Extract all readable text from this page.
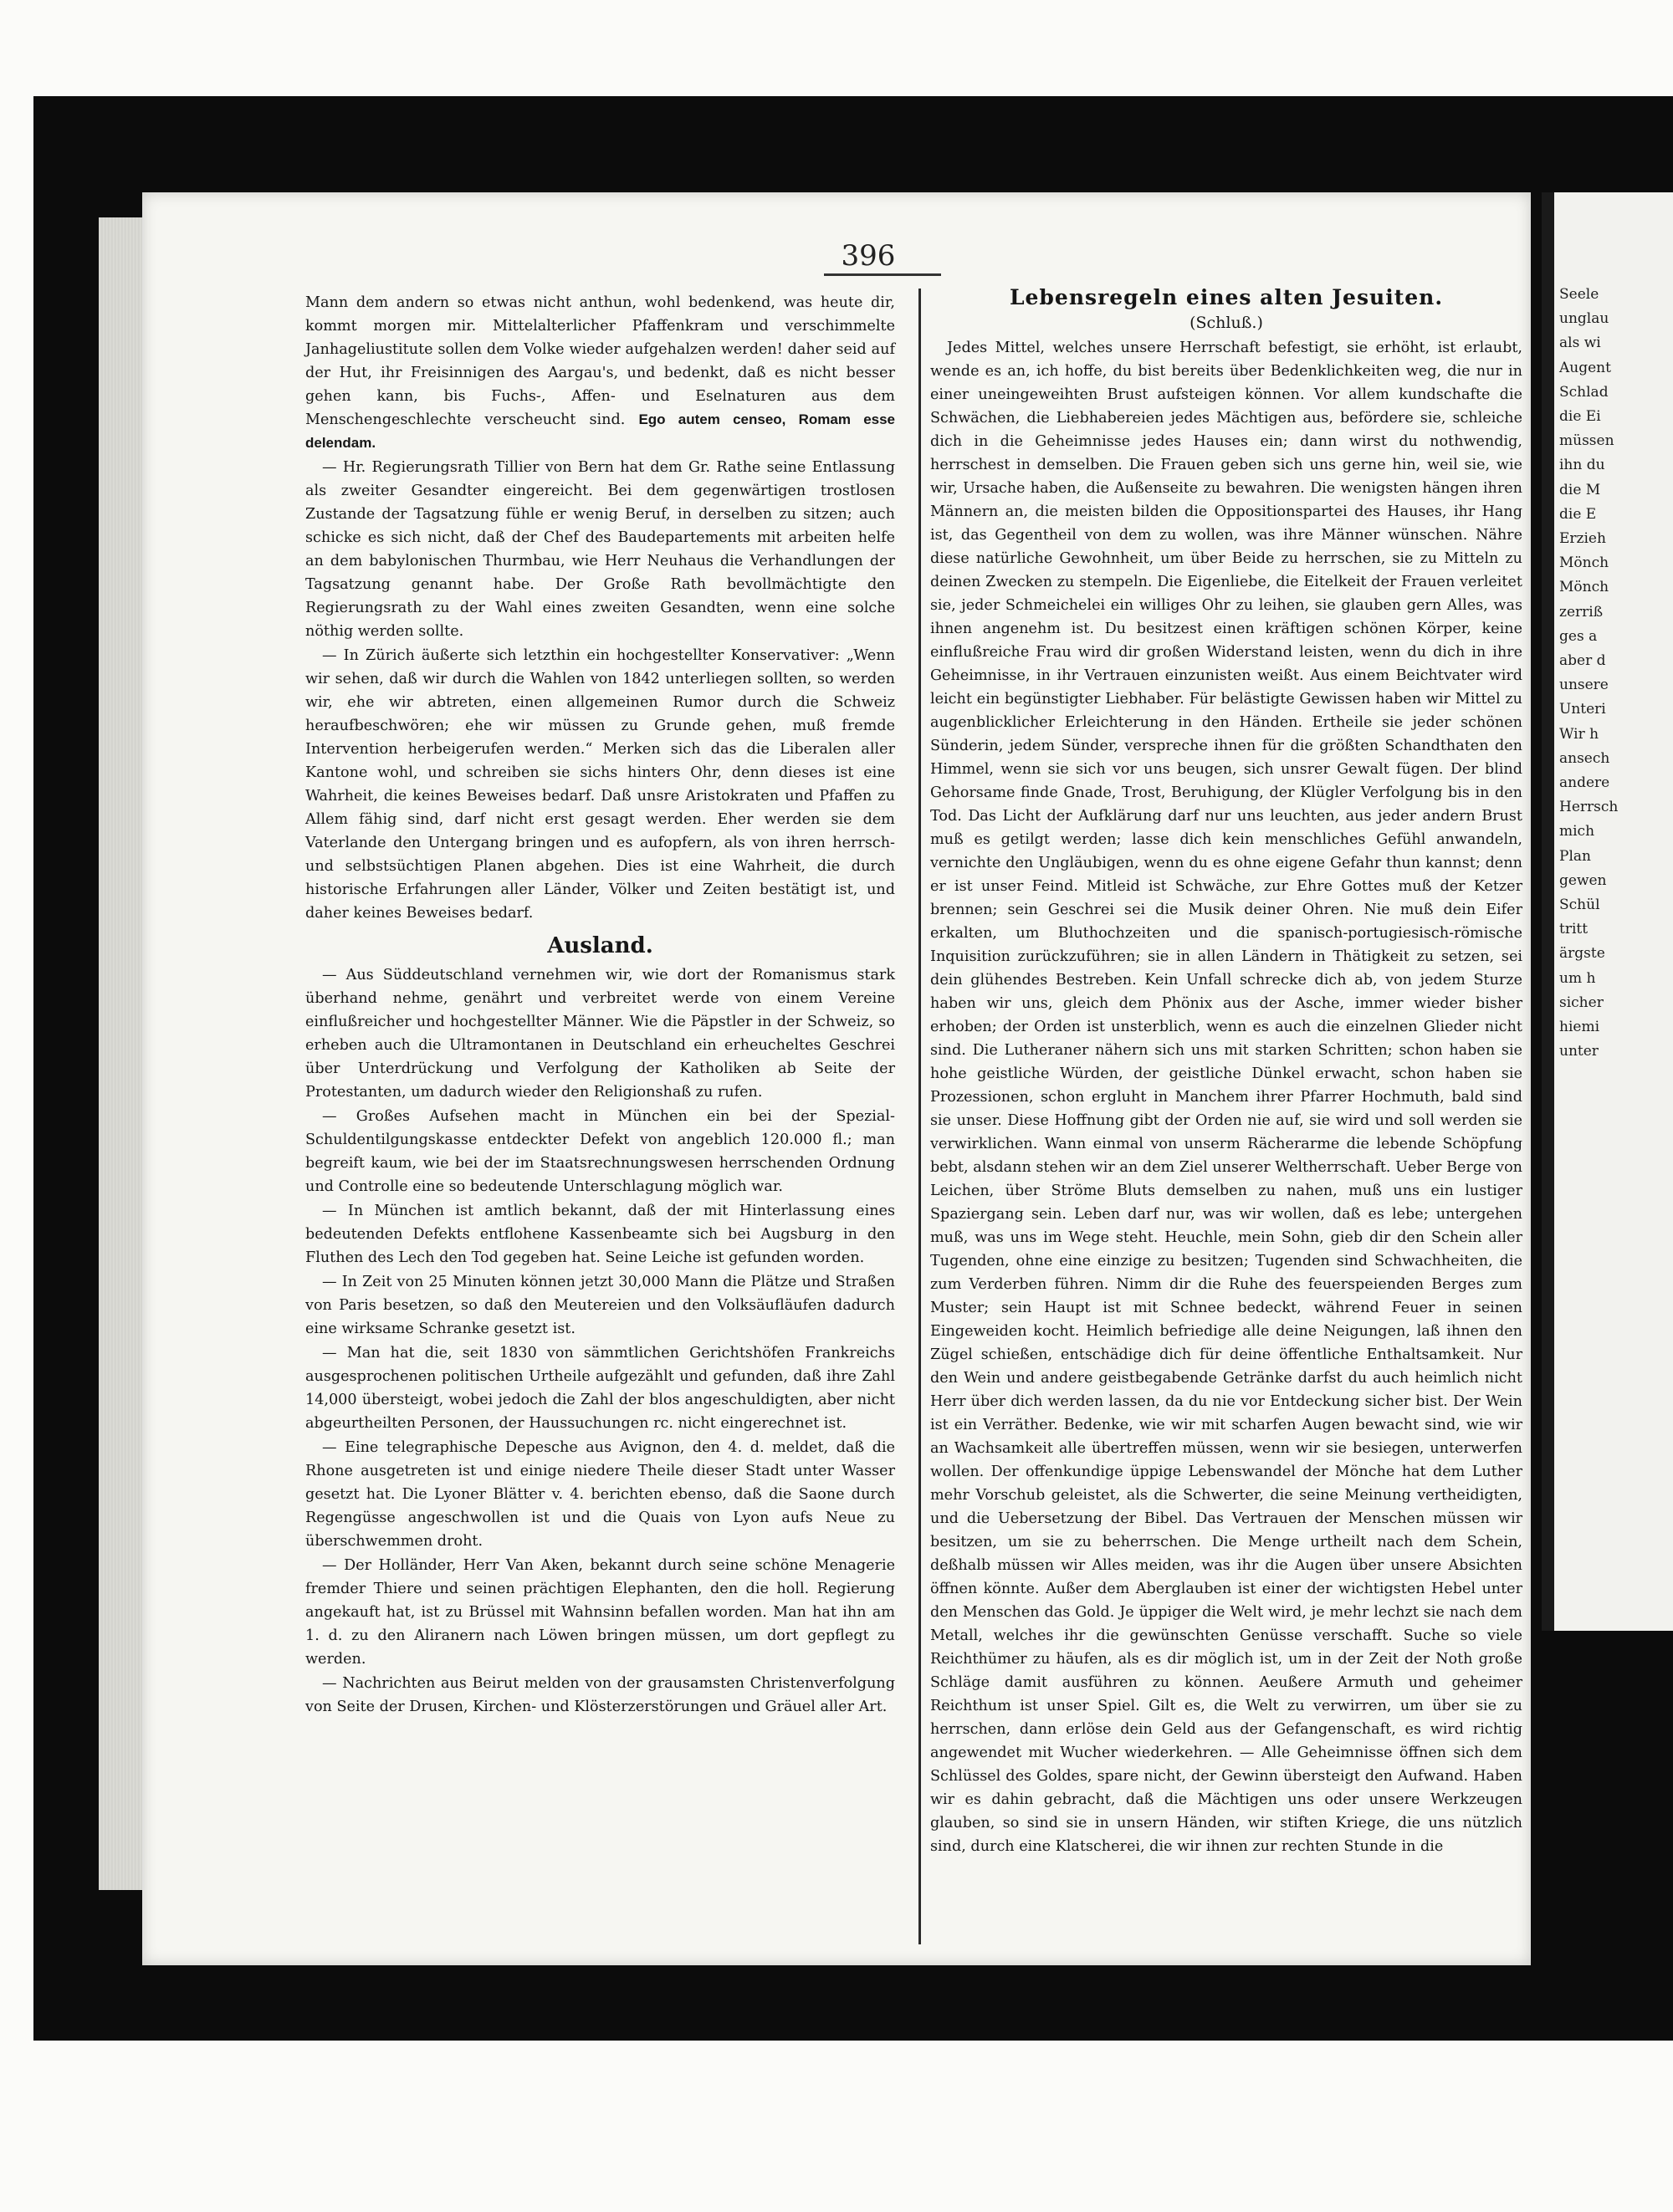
396

Mann dem andern so etwas nicht anthun, wohl bedenkend, was heute dir, kommt morgen mir. Mittelalterlicher Pfaffenkram und verschimmelte Janhageliustitute sollen dem Volke wieder aufgehalzen werden! daher seid auf der Hut, ihr Freisinnigen des Aargau's, und bedenkt, daß es nicht besser gehen kann, bis Fuchs-, Affen- und Eselnaturen aus dem Menschengeschlechte verscheucht sind. Ego autem censeo, Romam esse delendam.

— Hr. Regierungsrath Tillier von Bern hat dem Gr. Rathe seine Entlassung als zweiter Gesandter eingereicht. Bei dem gegenwärtigen trostlosen Zustande der Tagsatzung fühle er wenig Beruf, in derselben zu sitzen; auch schicke es sich nicht, daß der Chef des Baudepartements mit arbeiten helfe an dem babylonischen Thurmbau, wie Herr Neuhaus die Verhandlungen der Tagsatzung genannt habe. Der Große Rath bevollmächtigte den Regierungsrath zu der Wahl eines zweiten Gesandten, wenn eine solche nöthig werden sollte.

— In Zürich äußerte sich letzthin ein hochgestellter Konservativer: „Wenn wir sehen, daß wir durch die Wahlen von 1842 unterliegen sollten, so werden wir, ehe wir abtreten, einen allgemeinen Rumor durch die Schweiz heraufbeschwören; ehe wir müssen zu Grunde gehen, muß fremde Intervention herbeigerufen werden.“ Merken sich das die Liberalen aller Kantone wohl, und schreiben sie sichs hinters Ohr, denn dieses ist eine Wahrheit, die keines Beweises bedarf. Daß unsre Aristokraten und Pfaffen zu Allem fähig sind, darf nicht erst gesagt werden. Eher werden sie dem Vaterlande den Untergang bringen und es aufopfern, als von ihren herrsch- und selbstsüchtigen Planen abgehen. Dies ist eine Wahrheit, die durch historische Erfahrungen aller Länder, Völker und Zeiten bestätigt ist, und daher keines Beweises bedarf.

Ausland.

— Aus Süddeutschland vernehmen wir, wie dort der Romanismus stark überhand nehme, genährt und verbreitet werde von einem Vereine einflußreicher und hochgestellter Männer. Wie die Päpstler in der Schweiz, so erheben auch die Ultramontanen in Deutschland ein erheucheltes Geschrei über Unterdrückung und Verfolgung der Katholiken ab Seite der Protestanten, um dadurch wieder den Religionshaß zu rufen.

— Großes Aufsehen macht in München ein bei der Spezial-Schuldentilgungskasse entdeckter Defekt von angeblich 120.000 fl.; man begreift kaum, wie bei der im Staatsrechnungswesen herrschenden Ordnung und Controlle eine so bedeutende Unterschlagung möglich war.

— In München ist amtlich bekannt, daß der mit Hinterlassung eines bedeutenden Defekts entflohene Kassenbeamte sich bei Augsburg in den Fluthen des Lech den Tod gegeben hat. Seine Leiche ist gefunden worden.

— In Zeit von 25 Minuten können jetzt 30,000 Mann die Plätze und Straßen von Paris besetzen, so daß den Meutereien und den Volksäufläufen dadurch eine wirksame Schranke gesetzt ist.

— Man hat die, seit 1830 von sämmtlichen Gerichtshöfen Frankreichs ausgesprochenen politischen Urtheile aufgezählt und gefunden, daß ihre Zahl 14,000 übersteigt, wobei jedoch die Zahl der blos angeschuldigten, aber nicht abgeurtheilten Personen, der Haussuchungen rc. nicht eingerechnet ist.

— Eine telegraphische Depesche aus Avignon, den 4. d. meldet, daß die Rhone ausgetreten ist und einige niedere Theile dieser Stadt unter Wasser gesetzt hat. Die Lyoner Blätter v. 4. berichten ebenso, daß die Saone durch Regengüsse angeschwollen ist und die Quais von Lyon aufs Neue zu überschwemmen droht.

— Der Holländer, Herr Van Aken, bekannt durch seine schöne Menagerie fremder Thiere und seinen prächtigen Elephanten, den die holl. Regierung angekauft hat, ist zu Brüssel mit Wahnsinn befallen worden. Man hat ihn am 1. d. zu den Aliranern nach Löwen bringen müssen, um dort gepflegt zu werden.

— Nachrichten aus Beirut melden von der grausamsten Christenverfolgung von Seite der Drusen, Kirchen- und Klösterzerstörungen und Gräuel aller Art.

Lebensregeln eines alten Jesuiten.
(Schluß.)

Jedes Mittel, welches unsere Herrschaft befestigt, sie erhöht, ist erlaubt, wende es an, ich hoffe, du bist bereits über Bedenklichkeiten weg, die nur in einer uneingeweihten Brust aufsteigen können. Vor allem kundschafte die Schwächen, die Liebhabereien jedes Mächtigen aus, befördere sie, schleiche dich in die Geheimnisse jedes Hauses ein; dann wirst du nothwendig, herrschest in demselben. Die Frauen geben sich uns gerne hin, weil sie, wie wir, Ursache haben, die Außenseite zu bewahren. Die wenigsten hängen ihren Männern an, die meisten bilden die Oppositionspartei des Hauses, ihr Hang ist, das Gegentheil von dem zu wollen, was ihre Männer wünschen. Nähre diese natürliche Gewohnheit, um über Beide zu herrschen, sie zu Mitteln zu deinen Zwecken zu stempeln. Die Eigenliebe, die Eitelkeit der Frauen verleitet sie, jeder Schmeichelei ein williges Ohr zu leihen, sie glauben gern Alles, was ihnen angenehm ist. Du besitzest einen kräftigen schönen Körper, keine einflußreiche Frau wird dir großen Widerstand leisten, wenn du dich in ihre Geheimnisse, in ihr Vertrauen einzunisten weißt. Aus einem Beichtvater wird leicht ein begünstigter Liebhaber. Für belästigte Gewissen haben wir Mittel zu augenblicklicher Erleichterung in den Händen. Ertheile sie jeder schönen Sünderin, jedem Sünder, verspreche ihnen für die größten Schandthaten den Himmel, wenn sie sich vor uns beugen, sich unsrer Gewalt fügen. Der blind Gehorsame finde Gnade, Trost, Beruhigung, der Klügler Verfolgung bis in den Tod. Das Licht der Aufklärung darf nur uns leuchten, aus jeder andern Brust muß es getilgt werden; lasse dich kein menschliches Gefühl anwandeln, vernichte den Ungläubigen, wenn du es ohne eigene Gefahr thun kannst; denn er ist unser Feind. Mitleid ist Schwäche, zur Ehre Gottes muß der Ketzer brennen; sein Geschrei sei die Musik deiner Ohren. Nie muß dein Eifer erkalten, um Bluthochzeiten und die spanisch-portugiesisch-römische Inquisition zurückzuführen; sie in allen Ländern in Thätigkeit zu setzen, sei dein glühendes Bestreben. Kein Unfall schrecke dich ab, von jedem Sturze haben wir uns, gleich dem Phönix aus der Asche, immer wieder bisher erhoben; der Orden ist unsterblich, wenn es auch die einzelnen Glieder nicht sind. Die Lutheraner nähern sich uns mit starken Schritten; schon haben sie hohe geistliche Würden, der geistliche Dünkel erwacht, schon haben sie Prozessionen, schon ergluht in Manchem ihrer Pfarrer Hochmuth, bald sind sie unser. Diese Hoffnung gibt der Orden nie auf, sie wird und soll werden sie verwirklichen. Wann einmal von unserm Rächerarme die lebende Schöpfung bebt, alsdann stehen wir an dem Ziel unserer Weltherrschaft. Ueber Berge von Leichen, über Ströme Bluts demselben zu nahen, muß uns ein lustiger Spaziergang sein. Leben darf nur, was wir wollen, daß es lebe; untergehen muß, was uns im Wege steht. Heuchle, mein Sohn, gieb dir den Schein aller Tugenden, ohne eine einzige zu besitzen; Tugenden sind Schwachheiten, die zum Verderben führen. Nimm dir die Ruhe des feuerspeienden Berges zum Muster; sein Haupt ist mit Schnee bedeckt, während Feuer in seinen Eingeweiden kocht. Heimlich befriedige alle deine Neigungen, laß ihnen den Zügel schießen, entschädige dich für deine öffentliche Enthaltsamkeit. Nur den Wein und andere geistbegabende Getränke darfst du auch heimlich nicht Herr über dich werden lassen, da du nie vor Entdeckung sicher bist. Der Wein ist ein Verräther. Bedenke, wie wir mit scharfen Augen bewacht sind, wie wir an Wachsamkeit alle übertreffen müssen, wenn wir sie besiegen, unterwerfen wollen. Der offenkundige üppige Lebenswandel der Mönche hat dem Luther mehr Vorschub geleistet, als die Schwerter, die seine Meinung vertheidigten, und die Uebersetzung der Bibel. Das Vertrauen der Menschen müssen wir besitzen, um sie zu beherrschen. Die Menge urtheilt nach dem Schein, deßhalb müssen wir Alles meiden, was ihr die Augen über unsere Absichten öffnen könnte. Außer dem Aberglauben ist einer der wichtigsten Hebel unter den Menschen das Gold. Je üppiger die Welt wird, je mehr lechzt sie nach dem Metall, welches ihr die gewünschten Genüsse verschafft. Suche so viele Reichthümer zu häufen, als es dir möglich ist, um in der Zeit der Noth große Schläge damit ausführen zu können. Aeußere Armuth und geheimer Reichthum ist unser Spiel. Gilt es, die Welt zu verwirren, um über sie zu herrschen, dann erlöse dein Geld aus der Gefangenschaft, es wird richtig angewendet mit Wucher wiederkehren. — Alle Geheimnisse öffnen sich dem Schlüssel des Goldes, spare nicht, der Gewinn übersteigt den Aufwand. Haben wir es dahin gebracht, daß die Mächtigen uns oder unsere Werkzeugen glauben, so sind sie in unsern Händen, wir stiften Kriege, die uns nützlich sind, durch eine Klatscherei, die wir ihnen zur rechten Stunde in die

Seele
unglau
als wi
Augent
Schlad
die Ei
müssen
ihn du
die M
die E
Erzieh
Mönch
Mönch
zerriß
ges a
aber d
unsere
Unteri
Wir h
ansech
andere
Herrsch
mich
Plan
gewen
Schül
tritt
ärgste
um h
sicher
hiemi
unter
